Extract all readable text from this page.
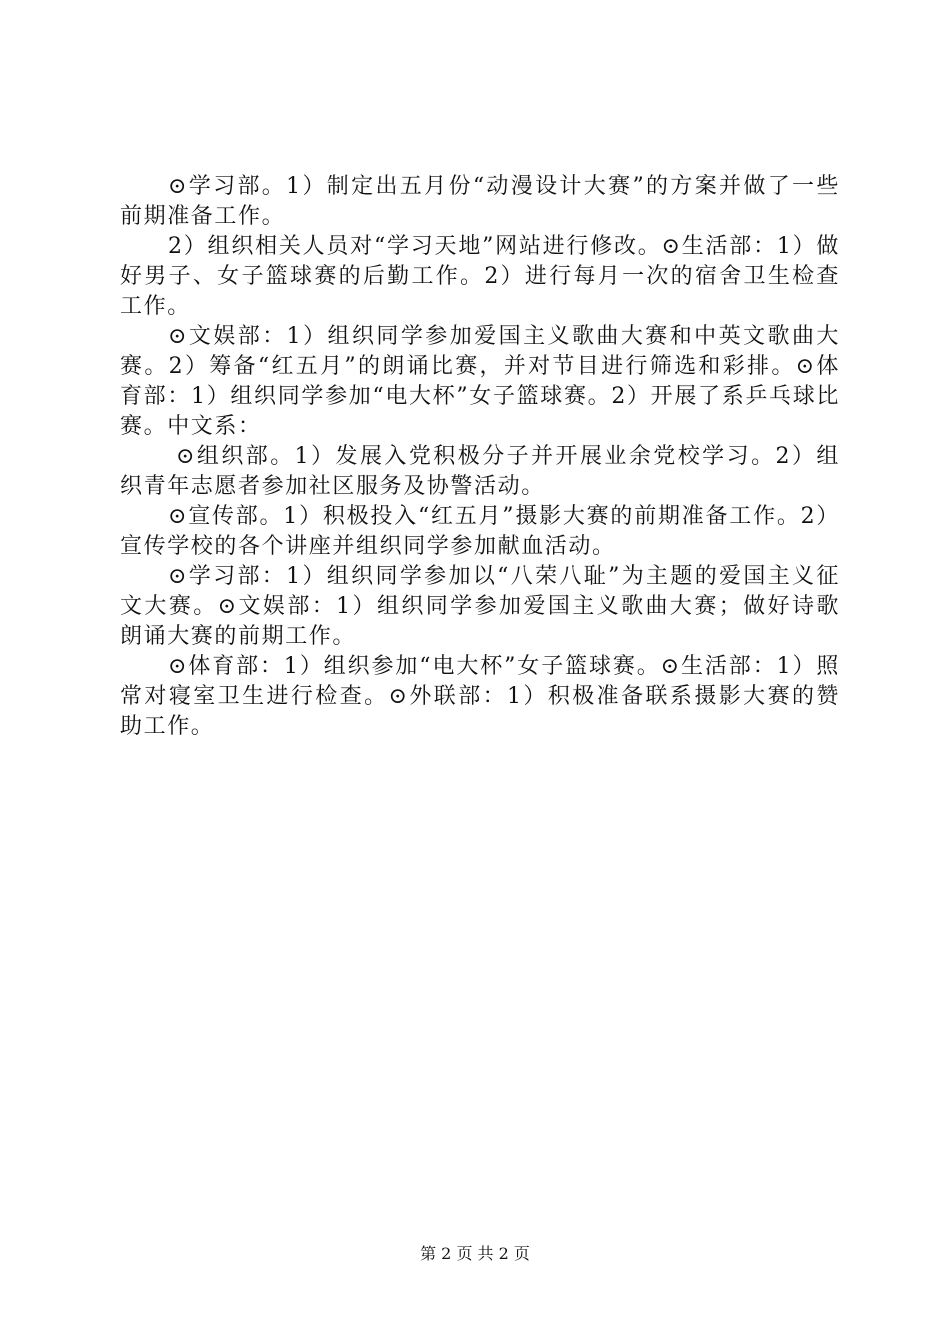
⊙学习部。1）制定出五月份“动漫设计大赛”的方案并做了一些前期准备工作。

2）组织相关人员对“学习天地”网站进行修改。⊙生活部：1）做好男子、女子篮球赛的后勤工作。2）进行每月一次的宿舍卫生检查工作。

⊙文娱部：1）组织同学参加爱国主义歌曲大赛和中英文歌曲大赛。2）筹备“红五月”的朗诵比赛，并对节目进行筛选和彩排。⊙体育部：1）组织同学参加“电大杯”女子篮球赛。2）开展了系乒乓球比赛。中文系：

⊙组织部。1）发展入党积极分子并开展业余党校学习。2）组织青年志愿者参加社区服务及协警活动。

⊙宣传部。1）积极投入“红五月”摄影大赛的前期准备工作。2）宣传学校的各个讲座并组织同学参加献血活动。

⊙学习部：1）组织同学参加以“八荣八耻”为主题的爱国主义征文大赛。⊙文娱部：1）组织同学参加爱国主义歌曲大赛；做好诗歌朗诵大赛的前期工作。

⊙体育部：1）组织参加“电大杯”女子篮球赛。⊙生活部：1）照常对寝室卫生进行检查。⊙外联部：1）积极准备联系摄影大赛的赞助工作。

第 2 页 共 2 页
